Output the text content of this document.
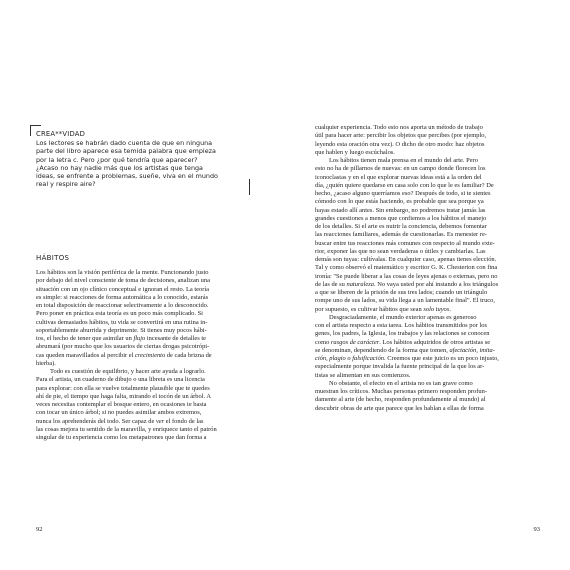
CREA**VIDAD
Los lectores se habrán dado cuenta de que en ninguna
parte del libro aparece esa temida palabra que empieza
por la letra c. Pero ¿por qué tendría que aparecer?
¿Acaso no hay nadie más que los artistas que tenga
ideas, se enfrente a problemas, sueñe, viva en el mundo
real y respire aire?
HÁBITOS
Los hábitos son la visión periférica de la mente. Funcionando justo
por debajo del nivel consciente de toma de decisiones, analizan una
situación con un ojo clínico conceptual e ignoran el resto. La teoría
es simple: si reacciones de forma automática a lo conocido, estarás
en total disposición de reaccionar selectivamente a lo desconocido.
Pero poner en práctica esta teoría es un poco más complicado. Si
cultivas demasiados hábitos, tu vida se convertirá en una rutina in-
soportablemente aburrida y deprimente. Si tienes muy pocos hábi-
tos, el hecho de tener que asimilar un flujo incesante de detalles te
abrumará (por mucho que los usuarios de ciertas drogas psicotrópi-
cas queden maravillados al percibir el crecimiento de cada brizna de
hierba).
Todo es cuestión de equilibrio, y hacer arte ayuda a lograrlo.
Para el artista, un cuaderno de dibujo o una libreta es una licencia
para explorar: con ella se vuelve totalmente plausible que te quedes
ahí de pie, el tiempo que haga falta, mirando el tocón de un árbol. A
veces necesitas contemplar el bosque entero, en ocasiones te basta
con tocar un único árbol; si no puedes asimilar ambos extremos,
nunca los aprehenderás del todo. Ser capaz de ver el fondo de las
las cosas mejora tu sentido de la maravilla, y enriquece tanto el patrón
singular de tu experiencia como los metapatrones que dan forma a
92
cualquier experiencia. Todo esto nos aporta un método de trabajo
útil para hacer arte: percibir los objetos que percibes (por ejemplo,
leyendo esta oración otra vez). O dicho de otro modo: haz objetos
que hablen y luego escúchalos.
Los hábitos tienen mala prensa en el mundo del arte. Pero
esto no ha de pillarnos de nuevas: en un campo donde florecen los
iconoclastas y en el que explorar nuevas ideas está a la orden del
día, ¿quién quiere quedarse en casa solo con lo que le es familiar? De
hecho, ¿acaso alguno querríamos eso? Después de todo, si te sientes
cómodo con lo que estás haciendo, es probable que sea porque ya
hayas estado allí antes. Sin embargo, no podremos tratar jamás las
grandes cuestiones a menos que confiemos a los hábitos el manejo
de los detalles. Si el arte es nutrir la conciencia, debemos fomentar
las reacciones familiares, además de cuestionarlas. Es menester re-
buscar entre tus reacciones más comunes con respecto al mundo exte-
rior, exponer las que no sean verdaderas o útiles y cambiarlas. Las
demás son tuyas: cultívalas. En cualquier caso, apenas tienes elección.
Tal y como observó el matemático y escritor G. K. Chesterton con fina
ironía: "Se puede liberar a las cosas de leyes ajenas o externas, pero no
de las de su naturaleza. No vaya usted por ahí instando a los triángulos
a que se liberen de la prisión de sus tres lados; cuando un triángulo
rompe uno de sus lados, su vida llega a un lamentable final". El truco,
por supuesto, es cultivar hábitos que sean solo tuyos.
Desgraciadamente, el mundo exterior apenas es generoso
con el artista respecto a esta tarea. Los hábitos transmitidos por los
genes, los padres, la Iglesia, los trabajos y las relaciones se conocen
como rasgos de carácter. Los hábitos adquiridos de otros artistas se
se denominan, dependiendo de la forma que tomen, afectación, imita-
ción, plagio o falsificación. Creemos que este juicio es un poco injusto,
especialmente porque invalida la fuente principal de la que los ar-
tistas se alimentan en sus comienzos.
No obstante, el efecto en el artista no es tan grave como
muestran los críticos. Muchas personas primero responden profun-
damente al arte (de hecho, responden profundamente al mundo) al
descubrir obras de arte que parece que les hablan a ellas de forma
93
